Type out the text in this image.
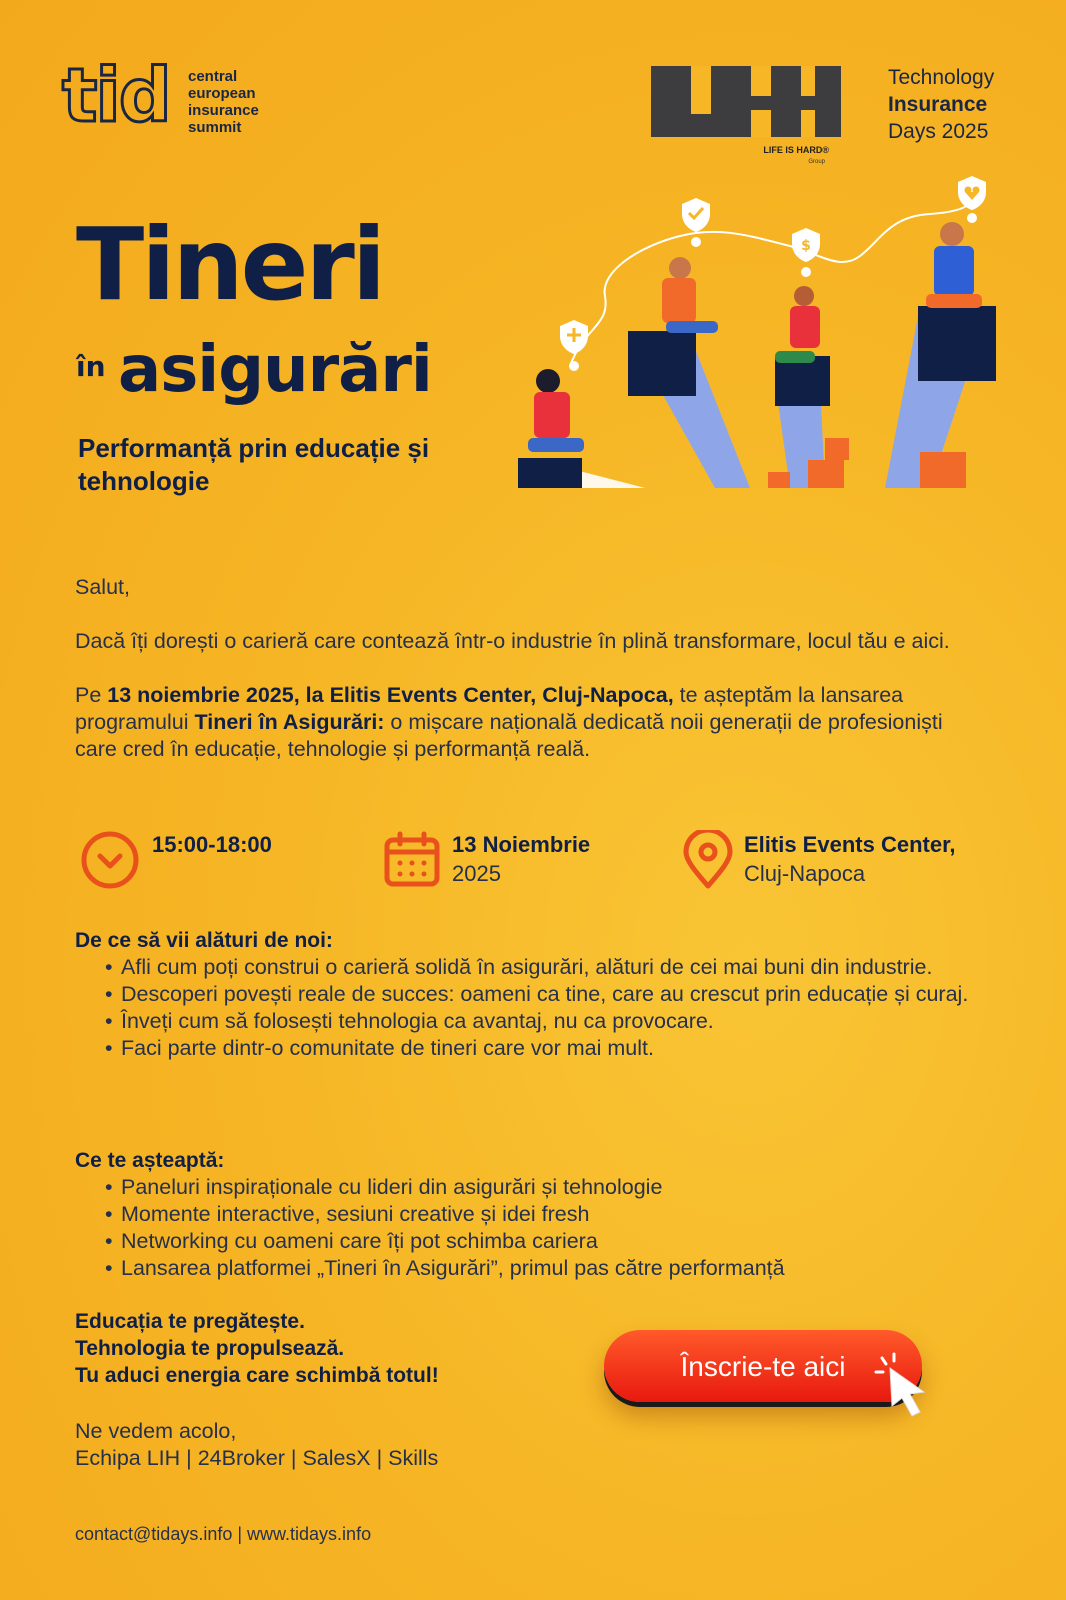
tid central
european
insurance
summit
LIFE IS HARD®
Group
Technology
Insurance
Days 2025
Tineri
în asigurări
Performanță prin educație și tehnologie
$
Salut,
Dacă îți dorești o carieră care contează într-o industrie în plină transformare, locul tău e aici.
Pe 13 noiembrie 2025, la Elitis Events Center, Cluj-Napoca, te așteptăm la lansarea programului Tineri în Asigurări: o mișcare națională dedicată noii generații de profesioniști care cred în educație, tehnologie și performanță reală.
15:00-18:00	13 Noiembrie
2025
Elitis Events Center,
Cluj-Napoca
De ce să vii alături de noi:
• Afli cum poți construi o carieră solidă în asigurări, alături de cei mai buni din industrie.
• Descoperi povești reale de succes: oameni ca tine, care au crescut prin educație și curaj.
• Înveți cum să folosești tehnologia ca avantaj, nu ca provocare.
• Faci parte dintr-o comunitate de tineri care vor mai mult.
Ce te așteaptă:
• Paneluri inspiraționale cu lideri din asigurări și tehnologie
• Momente interactive, sesiuni creative și idei fresh
• Networking cu oameni care îți pot schimba cariera
• Lansarea platformei „Tineri în Asigurări”, primul pas către performanță
Educația te pregătește.
Tehnologia te propulsează.
Tu aduci energia care schimbă totul!	Înscrie-te aici
Ne vedem acolo,
Echipa LIH | 24Broker | SalesX | Skills
contact@tidays.info | www.tidays.info
